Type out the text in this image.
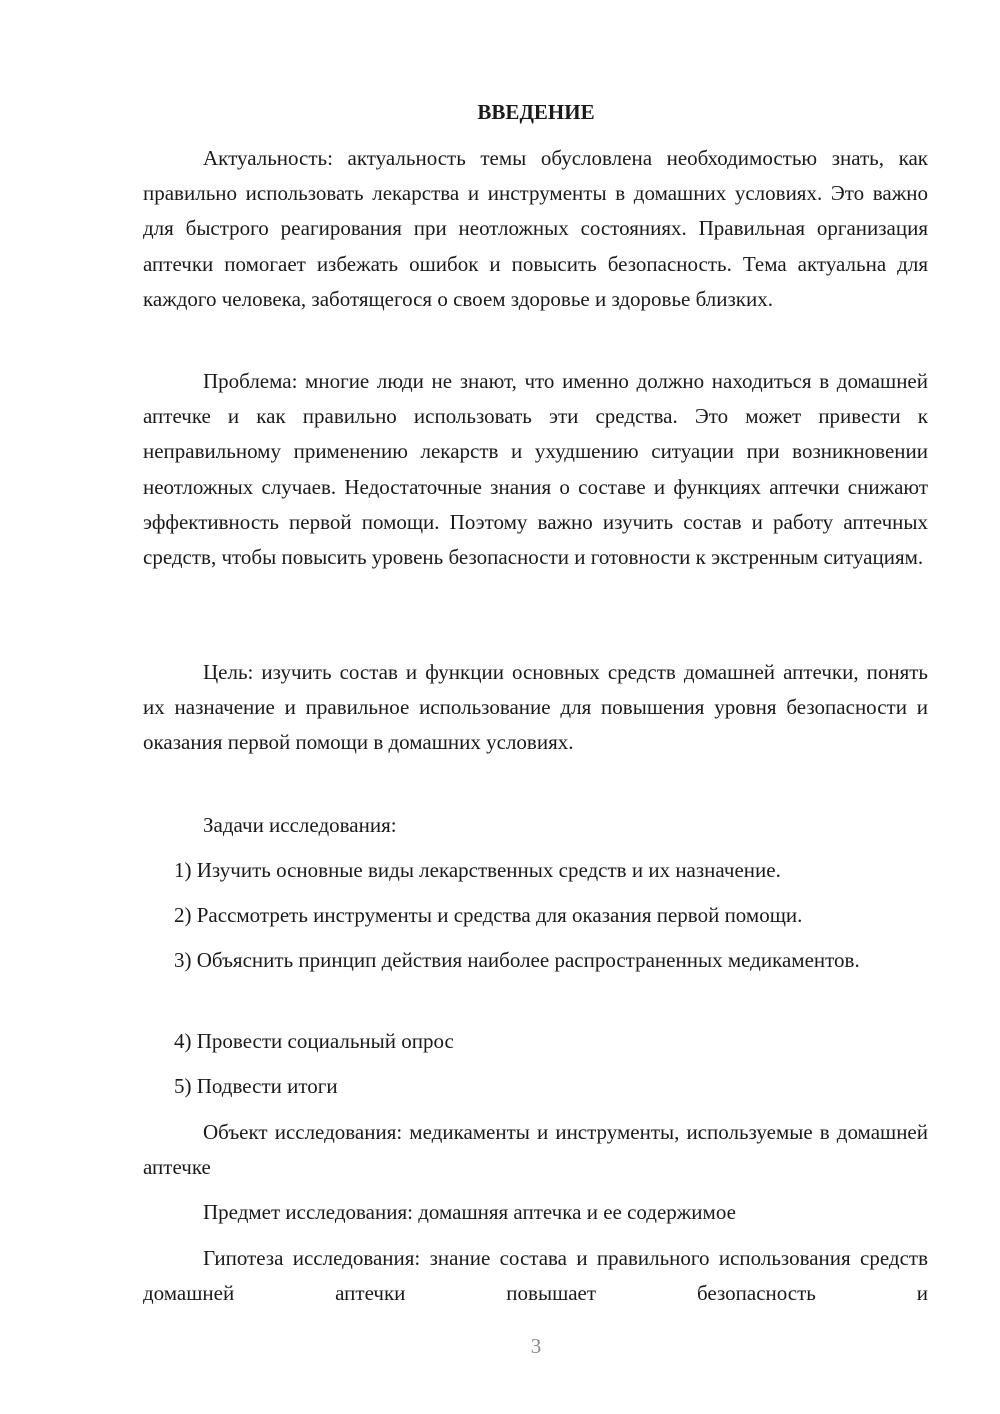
ВВЕДЕНИЕ

Актуальность: актуальность темы обусловлена необходимостью знать, как правильно использовать лекарства и инструменты в домашних условиях. Это важно для быстрого реагирования при неотложных состояниях. Правильная организация аптечки помогает избежать ошибок и повысить безопасность. Тема актуальна для каждого человека, заботящегося о своем здоровье и здоровье близких.

Проблема: многие люди не знают, что именно должно находиться в домашней аптечке и как правильно использовать эти средства. Это может привести к неправильному применению лекарств и ухудшению ситуации при возникновении неотложных случаев. Недостаточные знания о составе и функциях аптечки снижают эффективность первой помощи. Поэтому важно изучить состав и работу аптечных средств, чтобы повысить уровень безопасности и готовности к экстренным ситуациям.

Цель: изучить состав и функции основных средств домашней аптечки, понять их назначение и правильное использование для повышения уровня безопасности и оказания первой помощи в домашних условиях.

Задачи исследования:

1) Изучить основные виды лекарственных средств и их назначение.

2) Рассмотреть инструменты и средства для оказания первой помощи.

3) Объяснить принцип действия наиболее распространенных медикаментов.

4) Провести социальный опрос

5) Подвести итоги

Объект исследования: медикаменты и инструменты, используемые в домашней аптечке

Предмет исследования: домашняя аптечка и ее содержимое

Гипотеза исследования: знание состава и правильного использования средств домашней аптечки повышает безопасность и

3
